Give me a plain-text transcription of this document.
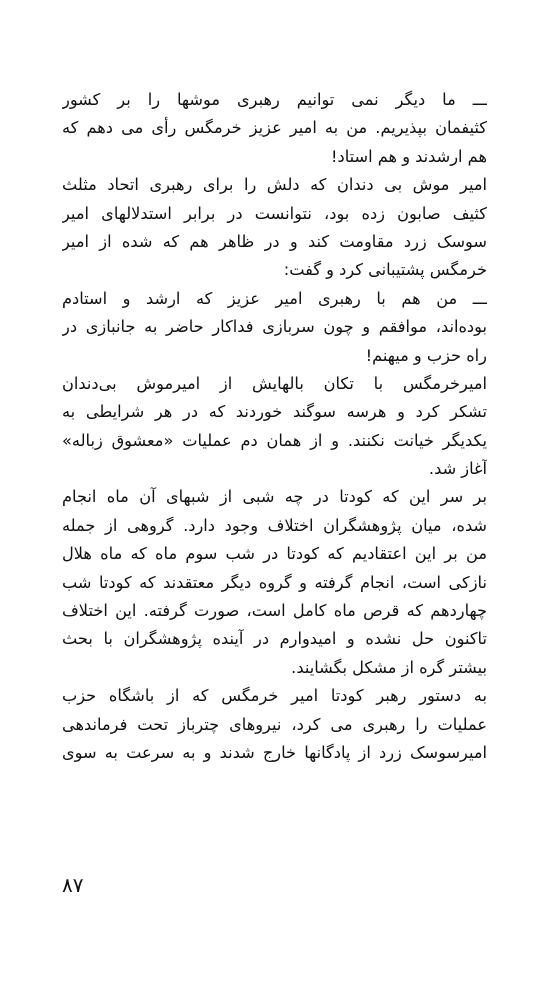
ـــ ما دیگر نمی توانیم رهبری موشها را بر کشور
کثیفمان بپذیریم. من به امیر عزیز خرمگس رأی می دهم که
هم ارشدند و هم استاد!
امیر موش بی دندان که دلش را برای رهبری اتحاد مثلث
کثیف صابون زده بود، نتوانست در برابر استدلالهای امیر
سوسک زرد مقاومت کند و در ظاهر هم که شده از امیر
خرمگس پشتیبانی کرد و گفت:
ـــ من هم با رهبری امیر عزیز که ارشد و استادم
بوده‌اند، موافقم و چون سربازی فداکار حاضر به جانبازی در
راه حزب و میهنم!
امیرخرمگس با تکان بالهایش از امیرموش بی‌دندان
تشکر کرد و هرسه سوگند خوردند که در هر شرایطی به
یکدیگر خیانت نکنند. و از همان دم عملیات «معشوق زباله»
آغاز شد.
بر سر این که کودتا در چه شبی از شبهای آن ماه انجام
شده، میان پژوهشگران اختلاف وجود دارد. گروهی از جمله
من بر این اعتقادیم که کودتا در شب سوم ماه که ماه هلال
نازکی است، انجام گرفته و گروه دیگر معتقدند که کودتا شب
چهاردهم که قرص ماه کامل است، صورت گرفته. این اختلاف
تاکنون حل نشده و امیدوارم در آینده پژوهشگران با بحث
بیشتر گره از مشکل بگشایند.
به دستور رهبر کودتا امیر خرمگس که از باشگاه حزب
عملیات را رهبری می کرد، نیروهای چترباز تحت فرماندهی
امیرسوسک زرد از پادگانها خارج شدند و به سرعت به سوی
۸۷
